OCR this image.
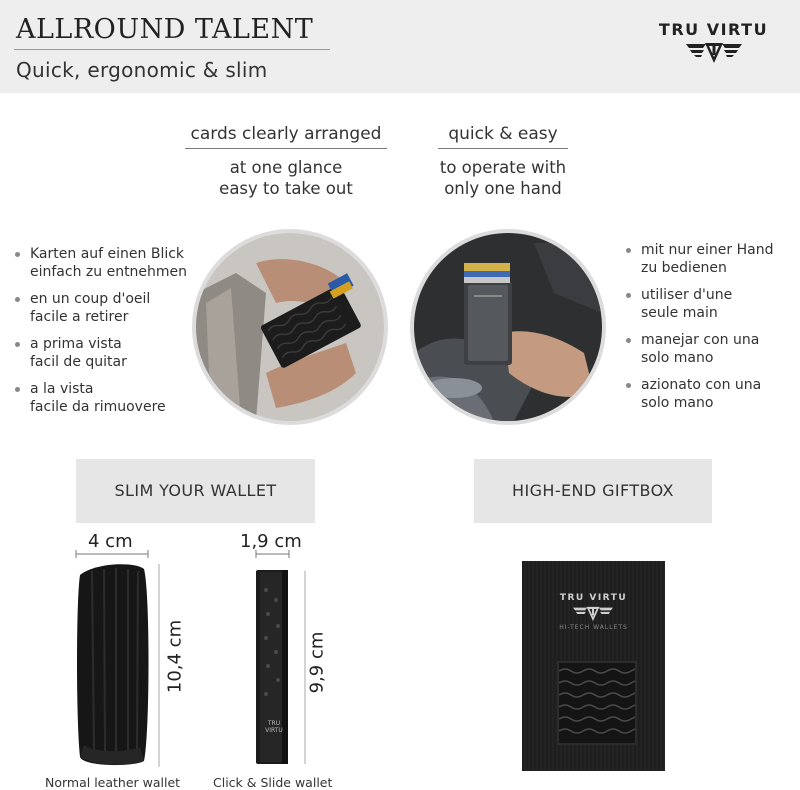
ALLROUND TALENT
Quick, ergonomic & slim
TRU VIRTU
cards clearly arranged
at one glance
easy to take out
quick & easy
to operate with
only one hand
Karten auf einen Blick
einfach zu entnehmen
en un coup d'oeil
facile a retirer
a prima vista
facil de quitar
a la vista
facile da rimuovere
mit nur einer Hand
zu bedienen
utiliser d'une
seule main
manejar con una
solo mano
azionato con una
solo mano
SLIM YOUR WALLET
4 cm
10,4 cm
Normal leather wallet
1,9 cm
TRU VIRTU
9,9 cm
Click & Slide wallet
HIGH-END GIFTBOX
TRU VIRTU
HI-TECH WALLETS
